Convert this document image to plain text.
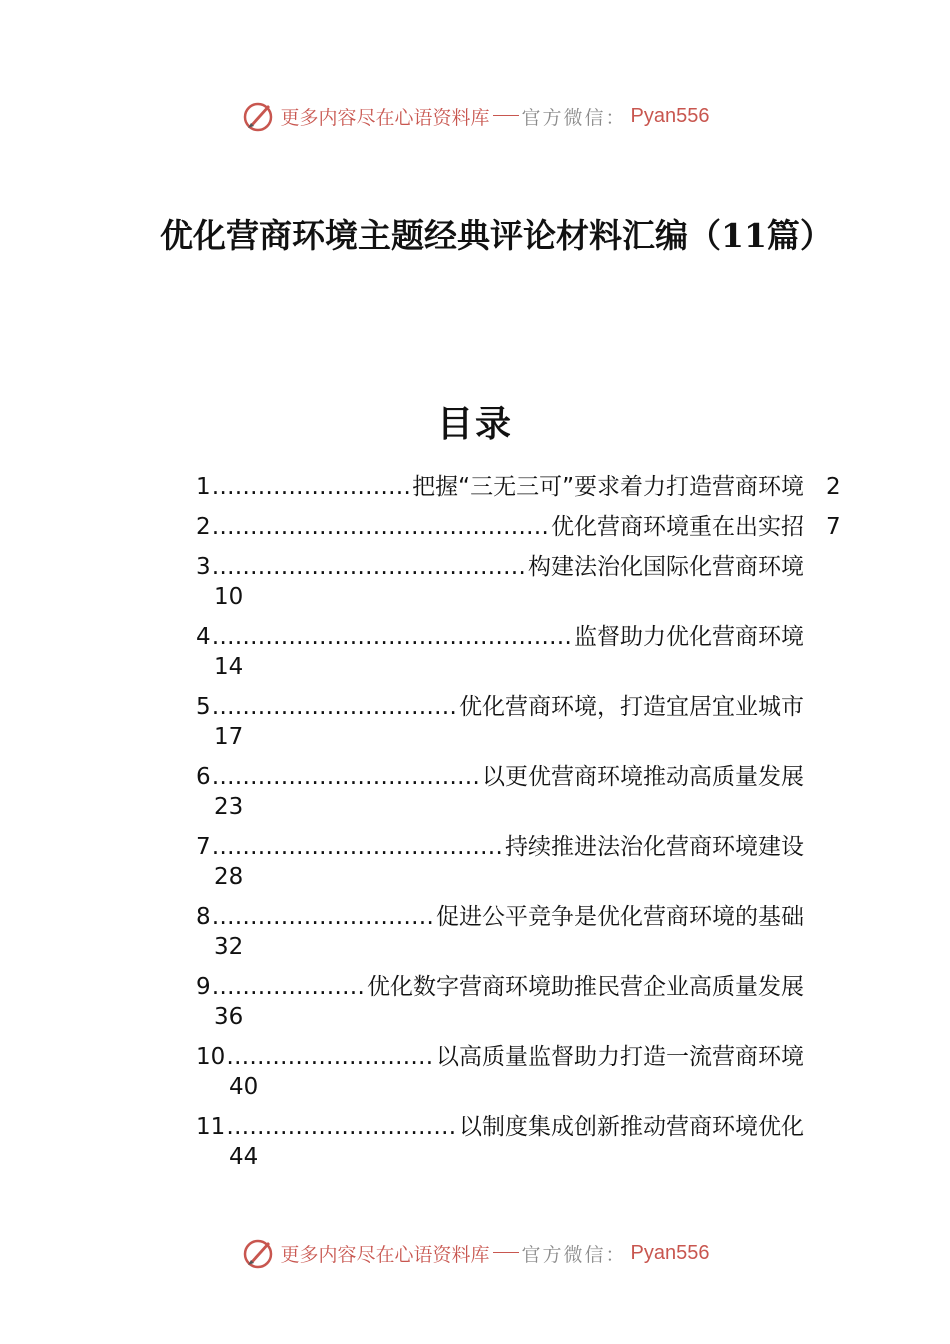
更多内容尽在心语资料库 官方微信： Pyan556
优化营商环境主题经典评论材料汇编（11篇）
目录
1 ……………………………………………………………………………………………………………………………………	把握“三无三可”要求着力打造营商环境 2
2 ……………………………………………………………………………………………………………………………………	优化营商环境重在出实招 7
3 ……………………………………………………………………………………………………………………………………	构建法治化国际化营商环境
10
4 ……………………………………………………………………………………………………………………………………	监督助力优化营商环境
14
5 ……………………………………………………………………………………………………………………………………	优化营商环境，打造宜居宜业城市
17
6 ……………………………………………………………………………………………………………………………………	以更优营商环境推动高质量发展
23
7 ……………………………………………………………………………………………………………………………………	持续推进法治化营商环境建设
28
8 ……………………………………………………………………………………………………………………………………	促进公平竞争是优化营商环境的基础
32
9 ……………………………………………………………………………………………………………………………………	优化数字营商环境助推民营企业高质量发展
36
10 ……………………………………………………………………………………………………………………………………	以高质量监督助力打造一流营商环境
40
11 ……………………………………………………………………………………………………………………………………	以制度集成创新推动营商环境优化
44
更多内容尽在心语资料库 官方微信： Pyan556
